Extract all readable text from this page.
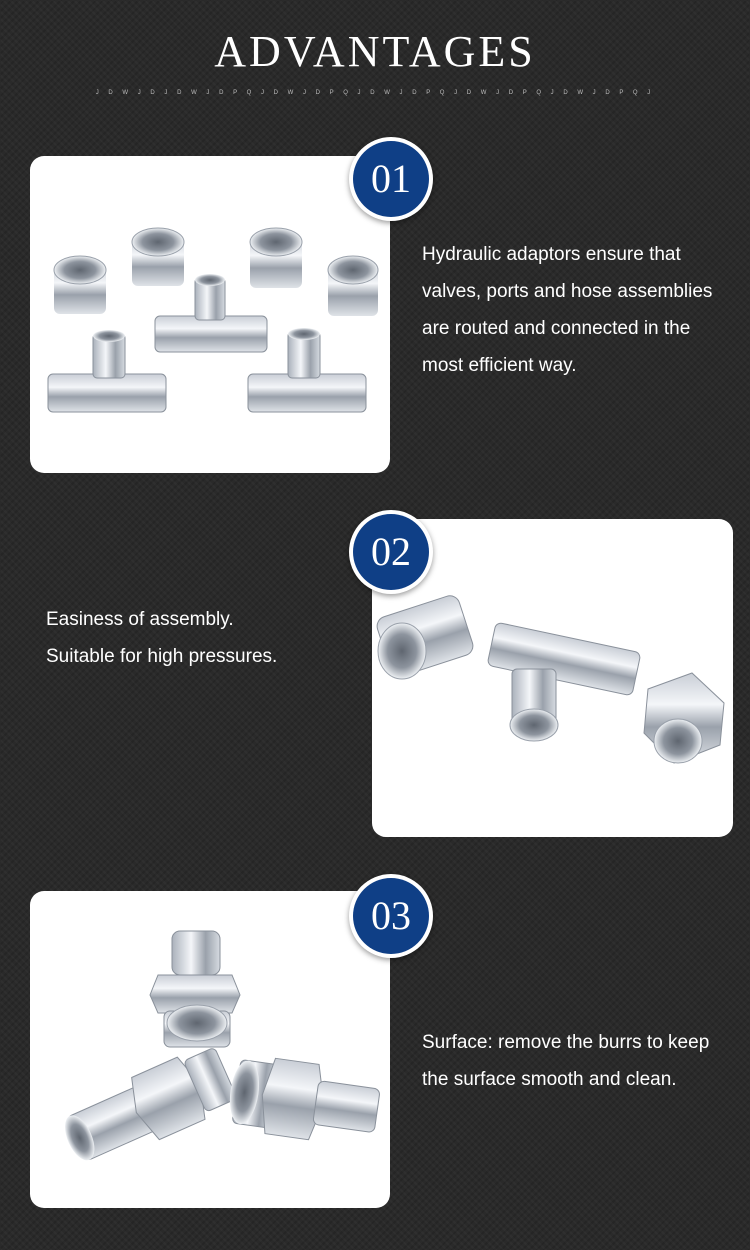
ADVANTAGES
J D W J D J D W J D P Q J D W J D P Q J D W J D P Q J D W J D P Q J D W J D P Q J
01
Hydraulic adaptors ensure that
valves, ports and hose assemblies
are routed and connected in the
most efficient way.
02
Easiness of assembly.
Suitable for high pressures.
03
Surface: remove the burrs to keep
the surface smooth and clean.
